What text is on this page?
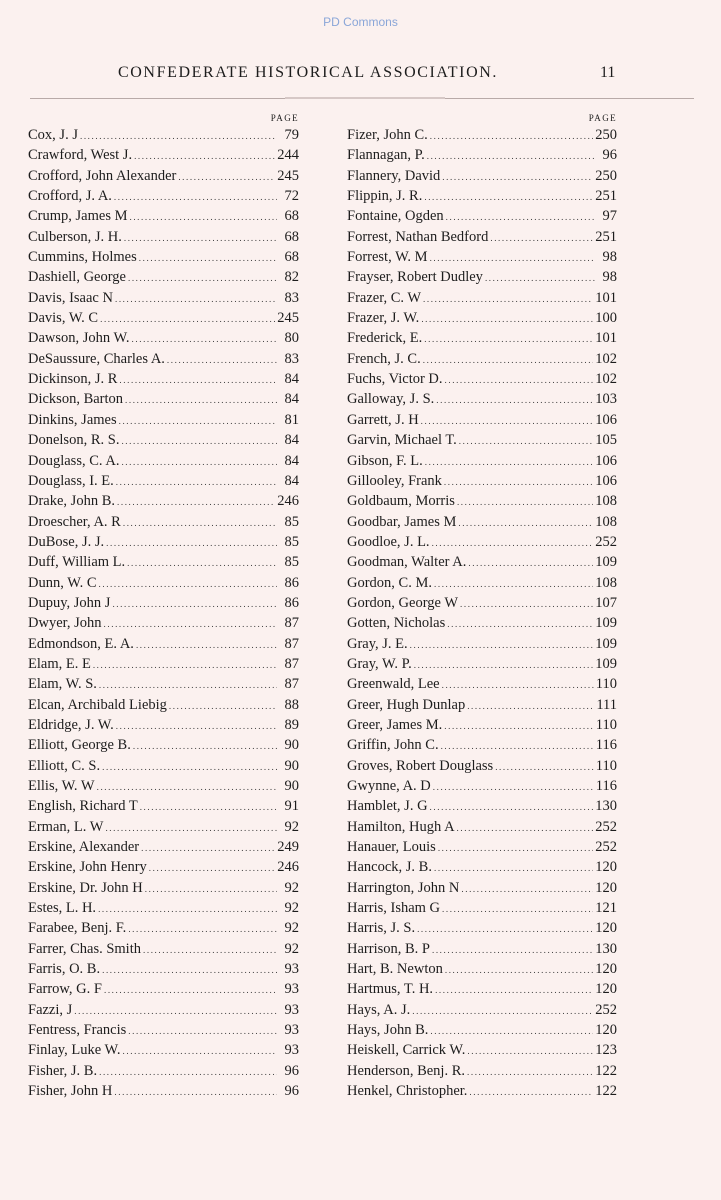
PD Commons
CONFEDERATE HISTORICAL ASSOCIATION.	11
PAGE
Cox, J. J .....	79
Crawford, West J. .....	244
Crofford, John Alexander .....	245
Crofford, J. A. .....	72
Crump, James M .....	68
Culberson, J. H. .....	68
Cummins, Holmes .....	68
Dashiell, George .....	82
Davis, Isaac N .....	83
Davis, W. C .....	245
Dawson, John W. .....	80
DeSaussure, Charles A. .....	83
Dickinson, J. R .....	84
Dickson, Barton .....	84
Dinkins, James .....	81
Donelson, R. S. .....	84
Douglass, C. A. .....	84
Douglass, I. E. .....	84
Drake, John B. .....	246
Droescher, A. R .....	85
DuBose, J. J. .....	85
Duff, William L. .....	85
Dunn, W. C .....	86
Dupuy, John J .....	86
Dwyer, John .....	87
Edmondson, E. A. .....	87
Elam, E. E .....	87
Elam, W. S. .....	87
Elcan, Archibald Liebig .....	88
Eldridge, J. W. .....	89
Elliott, George B. .....	90
Elliott, C. S. .....	90
Ellis, W. W .....	90
English, Richard T .....	91
Erman, L. W .....	92
Erskine, Alexander .....	249
Erskine, John Henry .....	246
Erskine, Dr. John H .....	92
Estes, L. H. .....	92
Farabee, Benj. F. .....	92
Farrer, Chas. Smith .....	92
Farris, O. B. .....	93
Farrow, G. F .....	93
Fazzi, J .....	93
Fentress, Francis .....	93
Finlay, Luke W. .....	93
Fisher, J. B. .....	96
Fisher, John H .....	96
PAGE
Fizer, John C. .....	250
Flannagan, P. .....	96
Flannery, David .....	250
Flippin, J. R. .....	251
Fontaine, Ogden .....	97
Forrest, Nathan Bedford .....	251
Forrest, W. M .....	98
Frayser, Robert Dudley .....	98
Frazer, C. W .....	101
Frazer, J. W. .....	100
Frederick, E. .....	101
French, J. C. .....	102
Fuchs, Victor D. .....	102
Galloway, J. S. .....	103
Garrett, J. H .....	106
Garvin, Michael T. .....	105
Gibson, F. L. .....	106
Gillooley, Frank .....	106
Goldbaum, Morris .....	108
Goodbar, James M .....	108
Goodloe, J. L. .....	252
Goodman, Walter A. .....	109
Gordon, C. M. .....	108
Gordon, George W .....	107
Gotten, Nicholas .....	109
Gray, J. E. .....	109
Gray, W. P. .....	109
Greenwald, Lee .....	110
Greer, Hugh Dunlap .....	111
Greer, James M. .....	110
Griffin, John C. .....	116
Groves, Robert Douglass .....	110
Gwynne, A. D .....	116
Hamblet, J. G .....	130
Hamilton, Hugh A .....	252
Hanauer, Louis .....	252
Hancock, J. B. .....	120
Harrington, John N .....	120
Harris, Isham G .....	121
Harris, J. S. .....	120
Harrison, B. P .....	130
Hart, B. Newton .....	120
Hartmus, T. H. .....	120
Hays, A. J. .....	252
Hays, John B. .....	120
Heiskell, Carrick W. .....	123
Henderson, Benj. R. .....	122
Henkel, Christopher. .....	122
